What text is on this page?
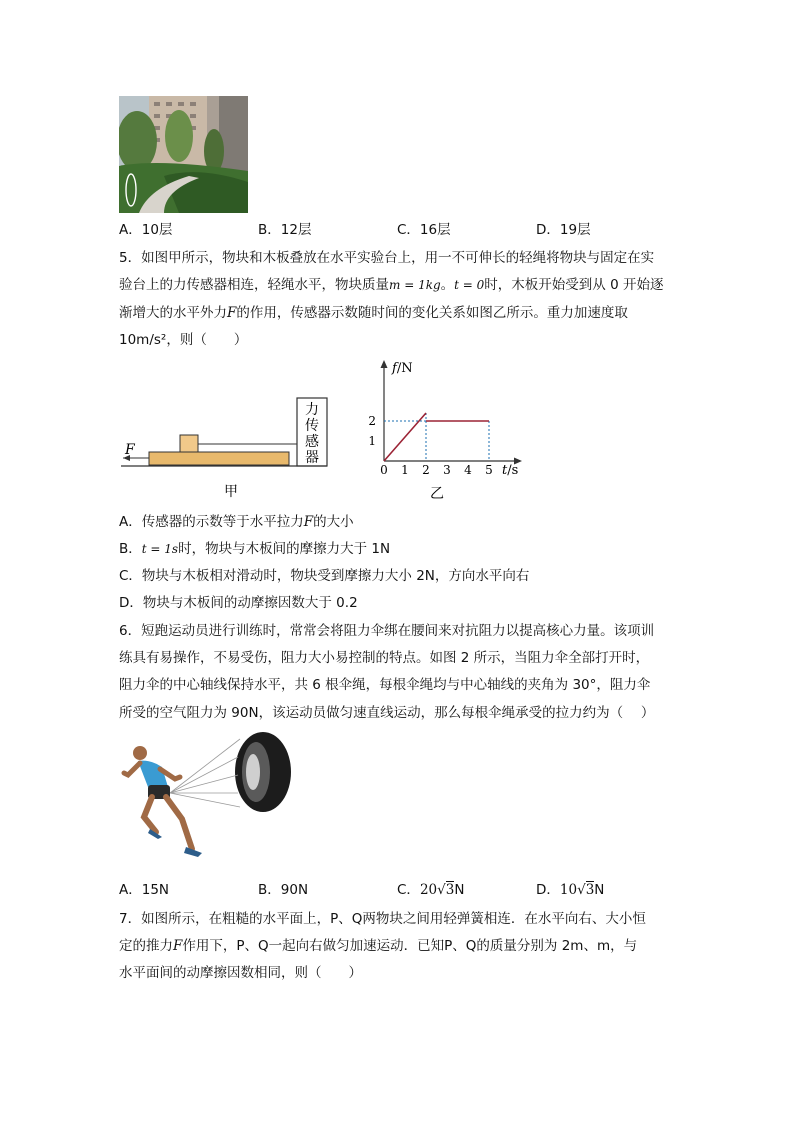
A．10层	B．12层	C．16层	D．19层
5．如图甲所示，物块和木板叠放在水平实验台上，用一不可伸长的轻绳将物块与固定在实
验台上的力传感器相连，轻绳水平，物块质量m = 1kg。t = 0时，木板开始受到从 0 开始逐
渐增大的水平外力F的作用，传感器示数随时间的变化关系如图乙所示。重力加速度取
10m/s²，则（　　）
F
力
传
感
器
甲
f/N
t/s
0 1 2 3 4 5
1
2
乙
A．传感器的示数等于水平拉力F的大小
B．t = 1s时，物块与木板间的摩擦力大于 1N
C．物块与木板相对滑动时，物块受到摩擦力大小 2N，方向水平向右
D．物块与木板间的动摩擦因数大于 0.2
6．短跑运动员进行训练时，常常会将阻力伞绑在腰间来对抗阻力以提高核心力量。该项训
练具有易操作，不易受伤，阻力大小易控制的特点。如图 2 所示，当阻力伞全部打开时，
阻力伞的中心轴线保持水平，共 6 根伞绳，每根伞绳均与中心轴线的夹角为 30°，阻力伞
所受的空气阻力为 90N，该运动员做匀速直线运动，那么每根伞绳承受的拉力约为（　 ）
A．15N	B．90N	C．20√3N	D．10√3N
7．如图所示，在粗糙的水平面上，P、Q两物块之间用轻弹簧相连．在水平向右、大小恒
定的推力F作用下，P、Q一起向右做匀加速运动．已知P、Q的质量分别为 2m、m，与
水平面间的动摩擦因数相同，则（　　）
